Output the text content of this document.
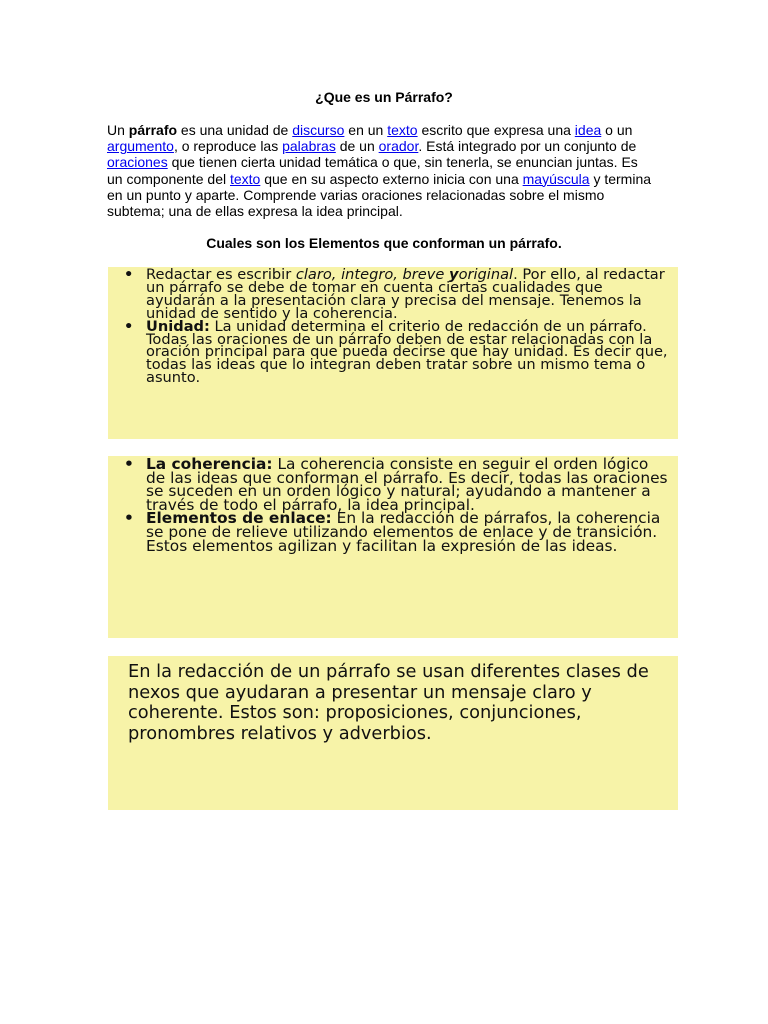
¿Que es un Párrafo?
Un párrafo es una unidad de discurso en un texto escrito que expresa una idea o un argumento, o reproduce las palabras de un orador. Está integrado por un conjunto de oraciones que tienen cierta unidad temática o que, sin tenerla, se enuncian juntas. Es un componente del texto que en su aspecto externo inicia con una mayúscula y termina en un punto y aparte. Comprende varias oraciones relacionadas sobre el mismo subtema; una de ellas expresa la idea principal.
Cuales son los Elementos que conforman un párrafo.
• Redactar es escribir claro, integro, breve yoriginal. Por ello, al redactar un párrafo se debe de tomar en cuenta ciertas cualidades que ayudarán a la presentación clara y precisa del mensaje. Tenemos la unidad de sentido y la coherencia.
• Unidad: La unidad determina el criterio de redacción de un párrafo. Todas las oraciones de un párrafo deben de estar relacionadas con la oración principal para que pueda decirse que hay unidad. Es decir que, todas las ideas que lo integran deben tratar sobre un mismo tema o asunto.
• La coherencia: La coherencia consiste en seguir el orden lógico de las ideas que conforman el párrafo. Es decir, todas las oraciones se suceden en un orden lógico y natural; ayudando a mantener a través de todo el párrafo, la idea principal.
• Elementos de enlace: En la redacción de párrafos, la coherencia se pone de relieve utilizando elementos de enlace y de transición. Estos elementos agilizan y facilitan la expresión de las ideas.
En la redacción de un párrafo se usan diferentes clases de nexos que ayudaran a presentar un mensaje claro y coherente. Estos son: proposiciones, conjunciones, pronombres relativos y adverbios.
